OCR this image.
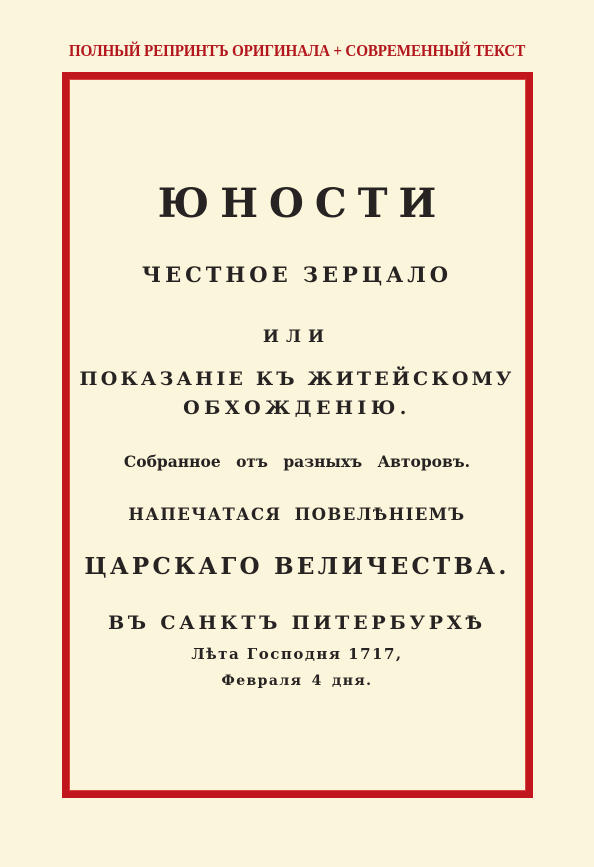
ПОЛНЫЙ РЕПРИНТЪ ОРИГИНАЛА + СОВРЕМЕННЫЙ ТЕКСТ
ЮНОСТИ
ЧЕСТНОЕ ЗЕРЦАЛО
ИЛИ
ПОКАЗАНІЕ КЪ ЖИТЕЙСКОМУ
ОБХОЖДЕНІЮ.
Собранное отъ разныхъ Авторовъ.
НАПЕЧАТАСЯ ПОВЕЛѢНІЕМЪ
ЦАРСКАГО ВЕЛИЧЕСТВА.
ВЪ САНКТЪ ПИТЕРБУРХѢ
Лѣта Господня 1717,
Февраля 4 дня.
